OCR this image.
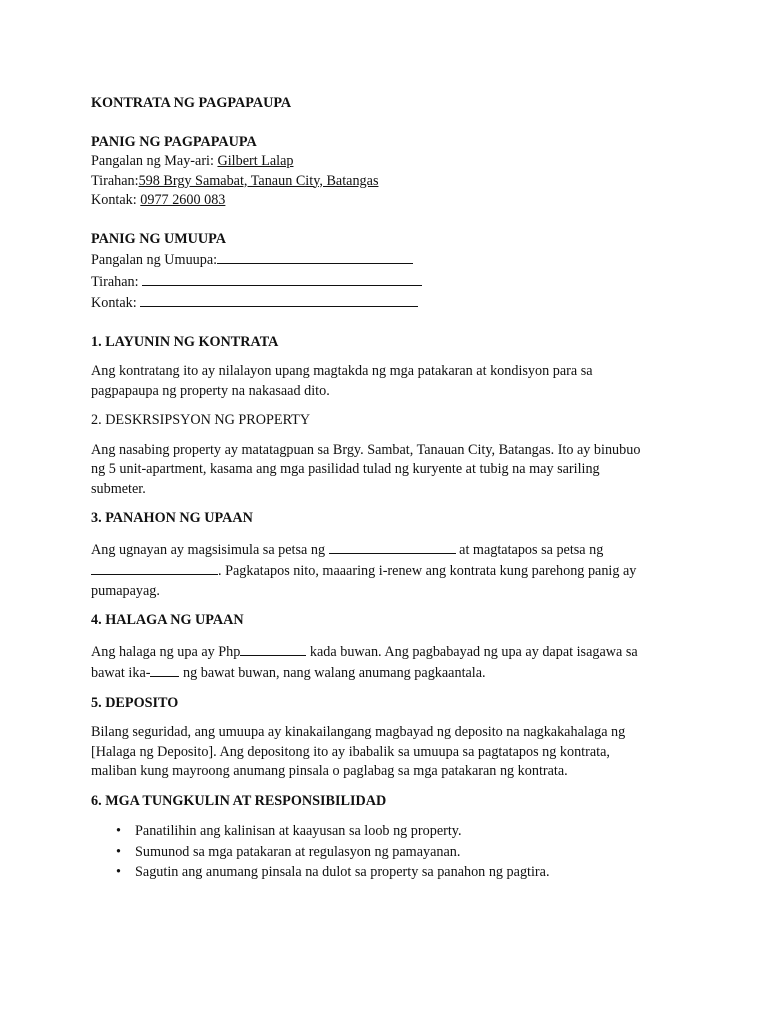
KONTRATA NG PAGPAPAUPA
PANIG NG PAGPAPAUPA
Pangalan ng May-ari: Gilbert Lalap
Tirahan:598 Brgy Samabat, Tanaun City, Batangas
Kontak: 0977 2600 083
PANIG NG UMUUPA
Pangalan ng Umuupa:
Tirahan:
Kontak:
1. LAYUNIN NG KONTRATA
Ang kontratang ito ay nilalayon upang magtakda ng mga patakaran at kondisyon para sa
pagpapaupa ng property na nakasaad dito.
2. DESKRSIPSYON NG PROPERTY
Ang nasabing property ay matatagpuan sa Brgy. Sambat, Tanauan City, Batangas. Ito ay binubuo
ng 5 unit-apartment, kasama ang mga pasilidad tulad ng kuryente at tubig na may sariling
submeter.
3. PANAHON NG UPAAN
Ang ugnayan ay magsisimula sa petsa ng	at magtatapos sa petsa ng
. Pagkatapos nito, maaaring i-renew ang kontrata kung parehong panig ay
pumapayag.
4. HALAGA NG UPAAN
Ang halaga ng upa ay Php	kada buwan. Ang pagbabayad ng upa ay dapat isagawa sa
bawat ika- ng bawat buwan, nang walang anumang pagkaantala.
5. DEPOSITO
Bilang seguridad, ang umuupa ay kinakailangang magbayad ng deposito na nagkakahalaga ng
[Halaga ng Deposito]. Ang depositong ito ay ibabalik sa umuupa sa pagtatapos ng kontrata,
maliban kung mayroong anumang pinsala o paglabag sa mga patakaran ng kontrata.
6. MGA TUNGKULIN AT RESPONSIBILIDAD
• Panatilihin ang kalinisan at kaayusan sa loob ng property.
• Sumunod sa mga patakaran at regulasyon ng pamayanan.
• Sagutin ang anumang pinsala na dulot sa property sa panahon ng pagtira.
